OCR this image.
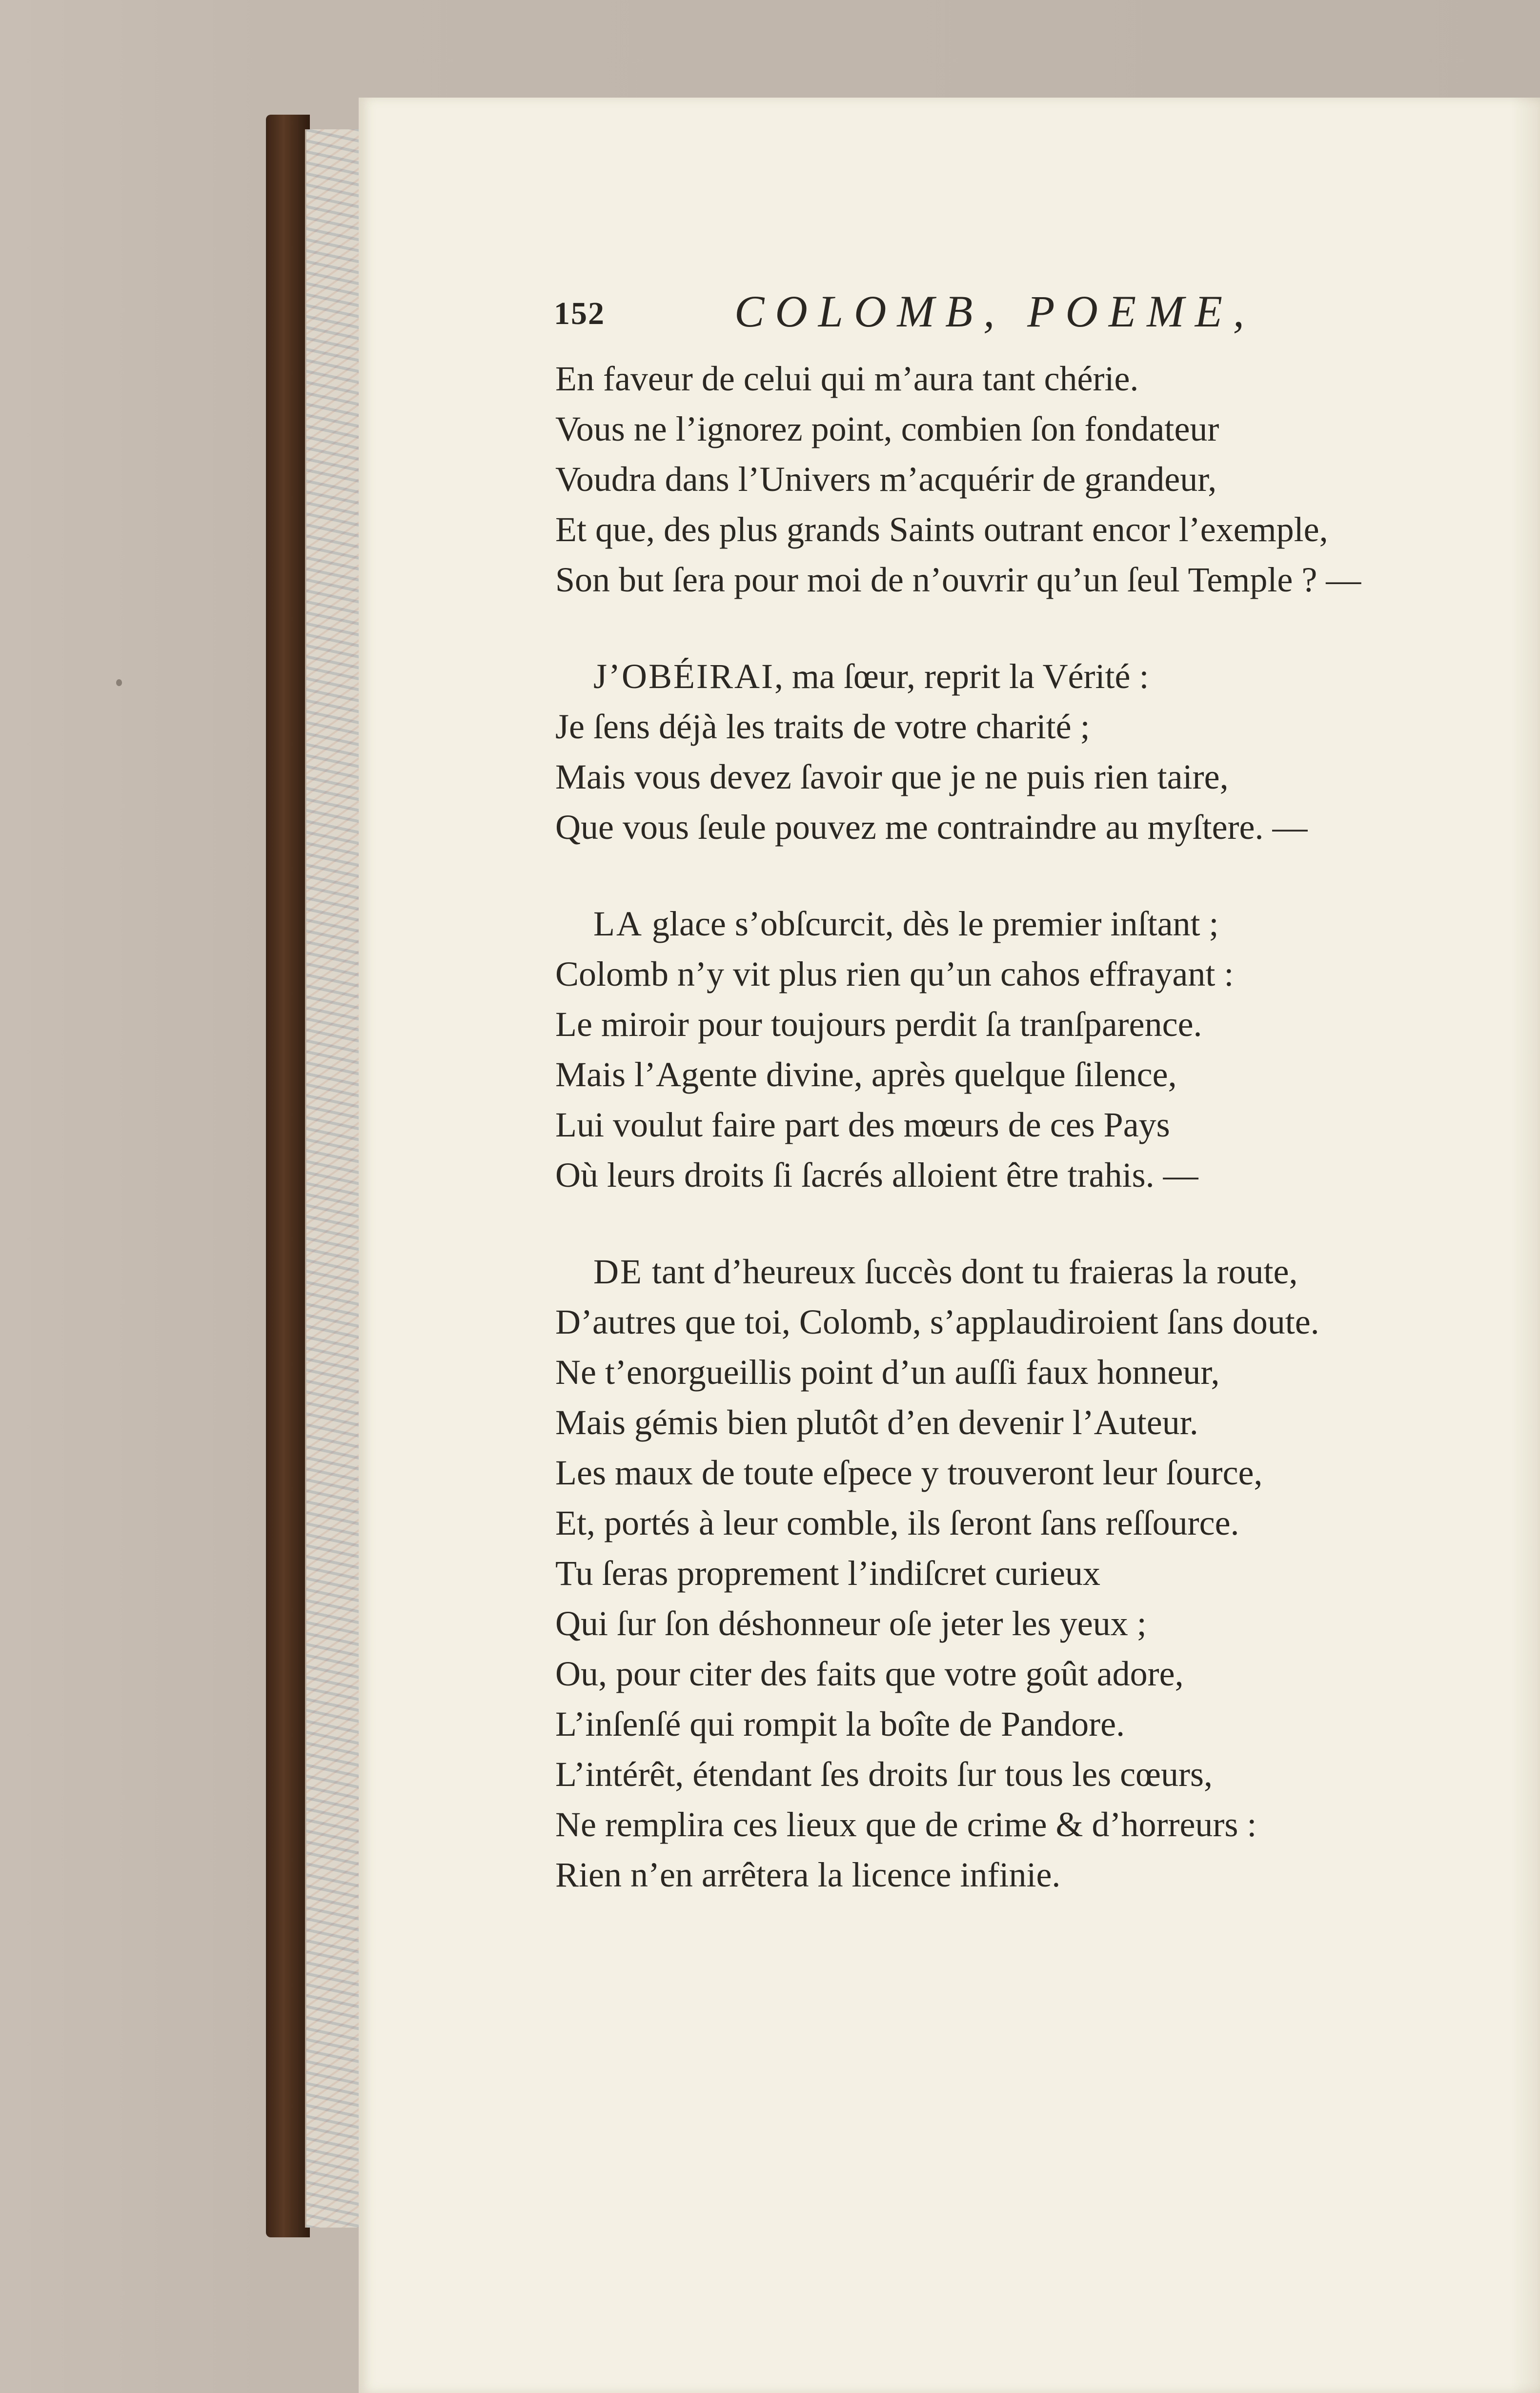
152	COLOMB, POEME,
En faveur de celui qui m’aura tant chérie.
Vous ne l’ignorez point, combien ſon fondateur
Voudra dans l’Univers m’acquérir de grandeur,
Et que, des plus grands Saints outrant encor l’exemple,
Son but ſera pour moi de n’ouvrir qu’un ſeul Temple ? —
J’OBÉIRAI, ma ſœur, reprit la Vérité :
Je ſens déjà les traits de votre charité ;
Mais vous devez ſavoir que je ne puis rien taire,
Que vous ſeule pouvez me contraindre au myſtere. —
LA glace s’obſcurcit, dès le premier inſtant ;
Colomb n’y vit plus rien qu’un cahos effrayant :
Le miroir pour toujours perdit ſa tranſparence.
Mais l’Agente divine, après quelque ſilence,
Lui voulut faire part des mœurs de ces Pays
Où leurs droits ſi ſacrés alloient être trahis. —
DE tant d’heureux ſuccès dont tu fraieras la route,
D’autres que toi, Colomb, s’applaudiroient ſans doute.
Ne t’enorgueillis point d’un auſſi faux honneur,
Mais gémis bien plutôt d’en devenir l’Auteur.
Les maux de toute eſpece y trouveront leur ſource,
Et, portés à leur comble, ils ſeront ſans reſſource.
Tu ſeras proprement l’indiſcret curieux
Qui ſur ſon déshonneur oſe jeter les yeux ;
Ou, pour citer des faits que votre goût adore,
L’inſenſé qui rompit la boîte de Pandore.
L’intérêt, étendant ſes droits ſur tous les cœurs,
Ne remplira ces lieux que de crime & d’horreurs :
Rien n’en arrêtera la licence infinie.
